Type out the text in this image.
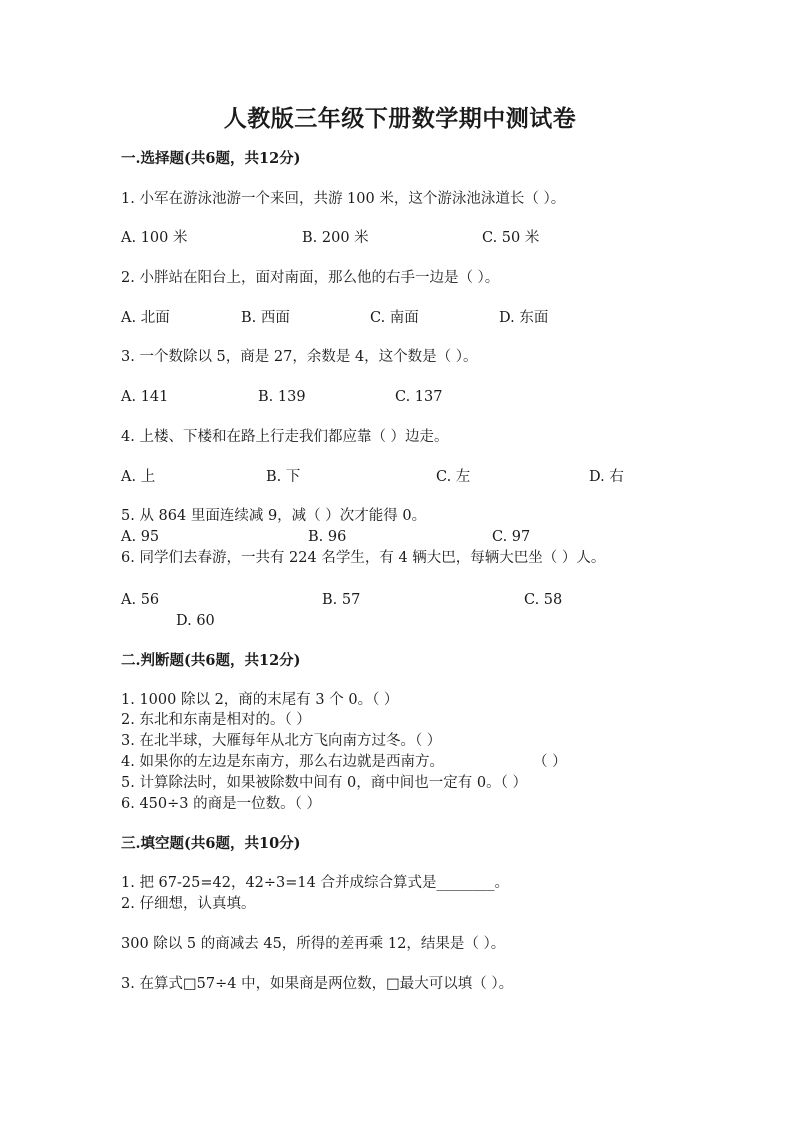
人教版三年级下册数学期中测试卷
一.选择题(共6题，共12分)
1. 小军在游泳池游一个来回，共游 100 米，这个游泳池泳道长（ ）。
A. 100 米	B. 200 米	C. 50 米
2. 小胖站在阳台上，面对南面，那么他的右手一边是（ ）。
A. 北面	B. 西面	C. 南面	D. 东面
3. 一个数除以 5，商是 27，余数是 4，这个数是（ ）。
A. 141	B. 139	C. 137
4. 上楼、下楼和在路上行走我们都应靠（ ）边走。
A. 上	B. 下	C. 左	D. 右
5. 从 864 里面连续减 9，减（ ）次才能得 0。
A. 95	B. 96	C. 97
6. 同学们去春游，一共有 224 名学生，有 4 辆大巴，每辆大巴坐（ ）人。
A. 56	B. 57	C. 58
D. 60
二.判断题(共6题，共12分)
1. 1000 除以 2，商的末尾有 3 个 0。（ ）
2. 东北和东南是相对的。（ ）
3. 在北半球，大雁每年从北方飞向南方过冬。（ ）
4. 如果你的左边是东南方，那么右边就是西南方。	（ ）
5. 计算除法时，如果被除数中间有 0，商中间也一定有 0。（ ）
6. 450÷3 的商是一位数。（ ）
三.填空题(共6题，共10分)
1. 把 67-25=42，42÷3=14 合并成综合算式是________。
2. 仔细想，认真填。
300 除以 5 的商减去 45，所得的差再乘 12，结果是（ ）。
3. 在算式□57÷4 中，如果商是两位数，□最大可以填（ ）。
